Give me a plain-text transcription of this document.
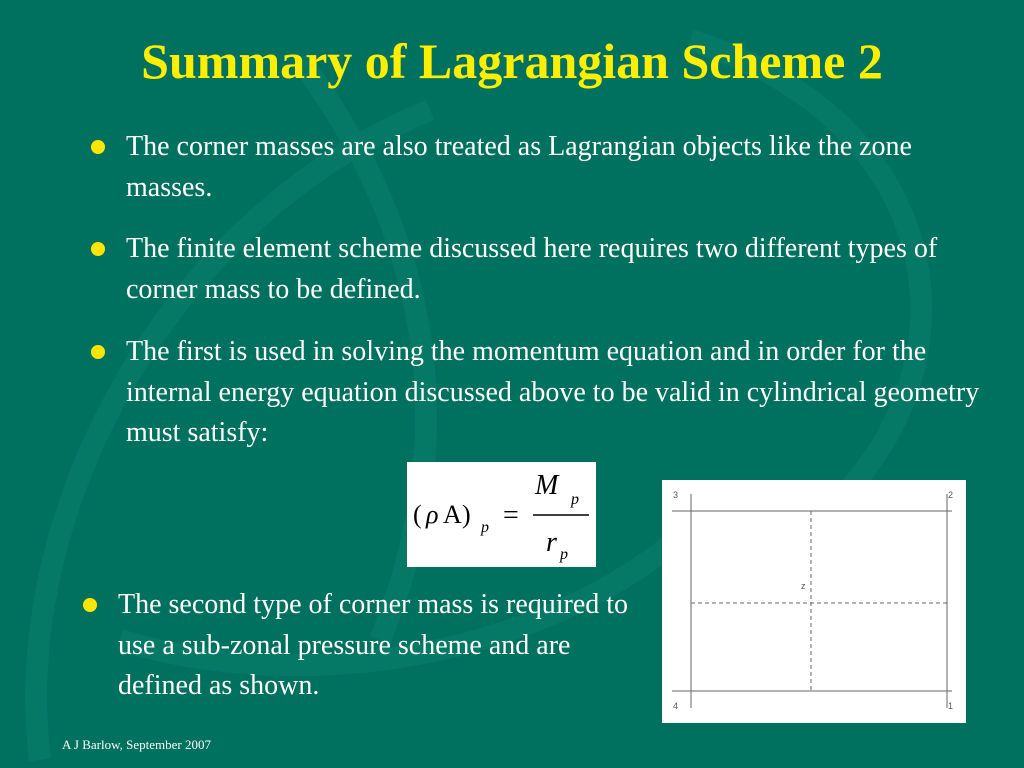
Summary of Lagrangian Scheme 2
The corner masses are also treated as Lagrangian objects like the zone masses.
The finite element scheme discussed here requires two different types of corner mass to be defined.
The first is used in solving the momentum equation and in order for the internal energy equation discussed above to be valid in cylindrical geometry must satisfy:
( ρ A ) p =
M p
r p
The second type of corner mass is required to use a sub-zonal pressure scheme and are defined as shown.
3	2
4	1
z
A J Barlow, September 2007
